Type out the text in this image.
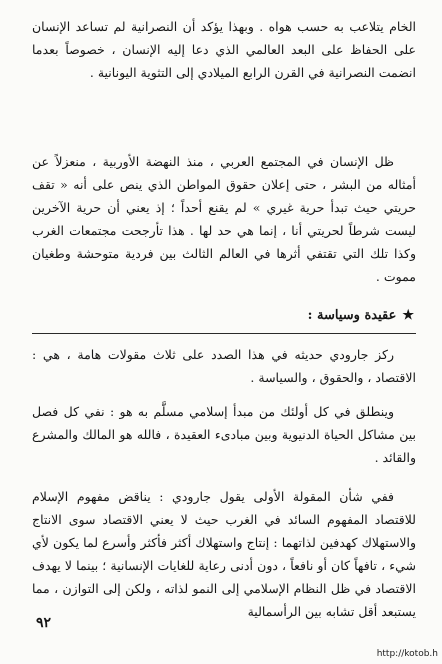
الخام يتلاعب به حسب هواه . وبهذا يؤكد أن النصرانية لم تساعد الإنسان على الحفاظ على البعد العالمي الذي دعا إليه الإنسان ، خصوصاً بعدما انضمت النصرانية في القرن الرابع الميلادي إلى التثوية اليونانية .

ظل الإنسان في المجتمع العربي ، منذ النهضة الأوربية ، منعزلاً عن أمثاله من البشر ، حتى إعلان حقوق المواطن الذي ينص على أنه « تقف حريتي حيث تبدأ حرية غيري » لم يقنع أحداً ؛ إذ يعني أن حرية الآخرين ليست شرطاً لحريتي أنا ، إنما هي حد لها . هذا تأرجحت مجتمعات الغرب وكذا تلك التي تقتفي أثرها في العالم الثالث بين فردية متوحشة وطغيان مموت .

★عقيدة وسياسة :

ركز جارودي حديثه في هذا الصدد على ثلاث مقولات هامة ، هي : الاقتصاد ، والحقوق ، والسياسة .

وينطلق في كل أولئك من مبدأ إسلامي مسلَّم به هو : نفي كل فصل بين مشاكل الحياة الدنيوية وبين مبادىء العقيدة ، فالله هو المالك والمشرع والقائد .

ففي شأن المقولة الأولى يقول جارودي : يناقض مفهوم الإسلام للاقتصاد المفهوم السائد في الغرب حيث لا يعني الاقتصاد سوى الانتاج والاستهلاك كهدفين لذاتهما : إنتاج واستهلاك أكثر فأكثر وأسرع لما يكون لأي شيء ، تافهاً كان أو نافعاً ، دون أدنى رعاية للغايات الإنسانية ؛ بينما لا يهدف الاقتصاد في ظل النظام الإسلامي إلى النمو لذاته ، ولكن إلى التوازن ، مما يستبعد أقل تشابه بين الرأسمالية

٩٢
http://kotob.h
